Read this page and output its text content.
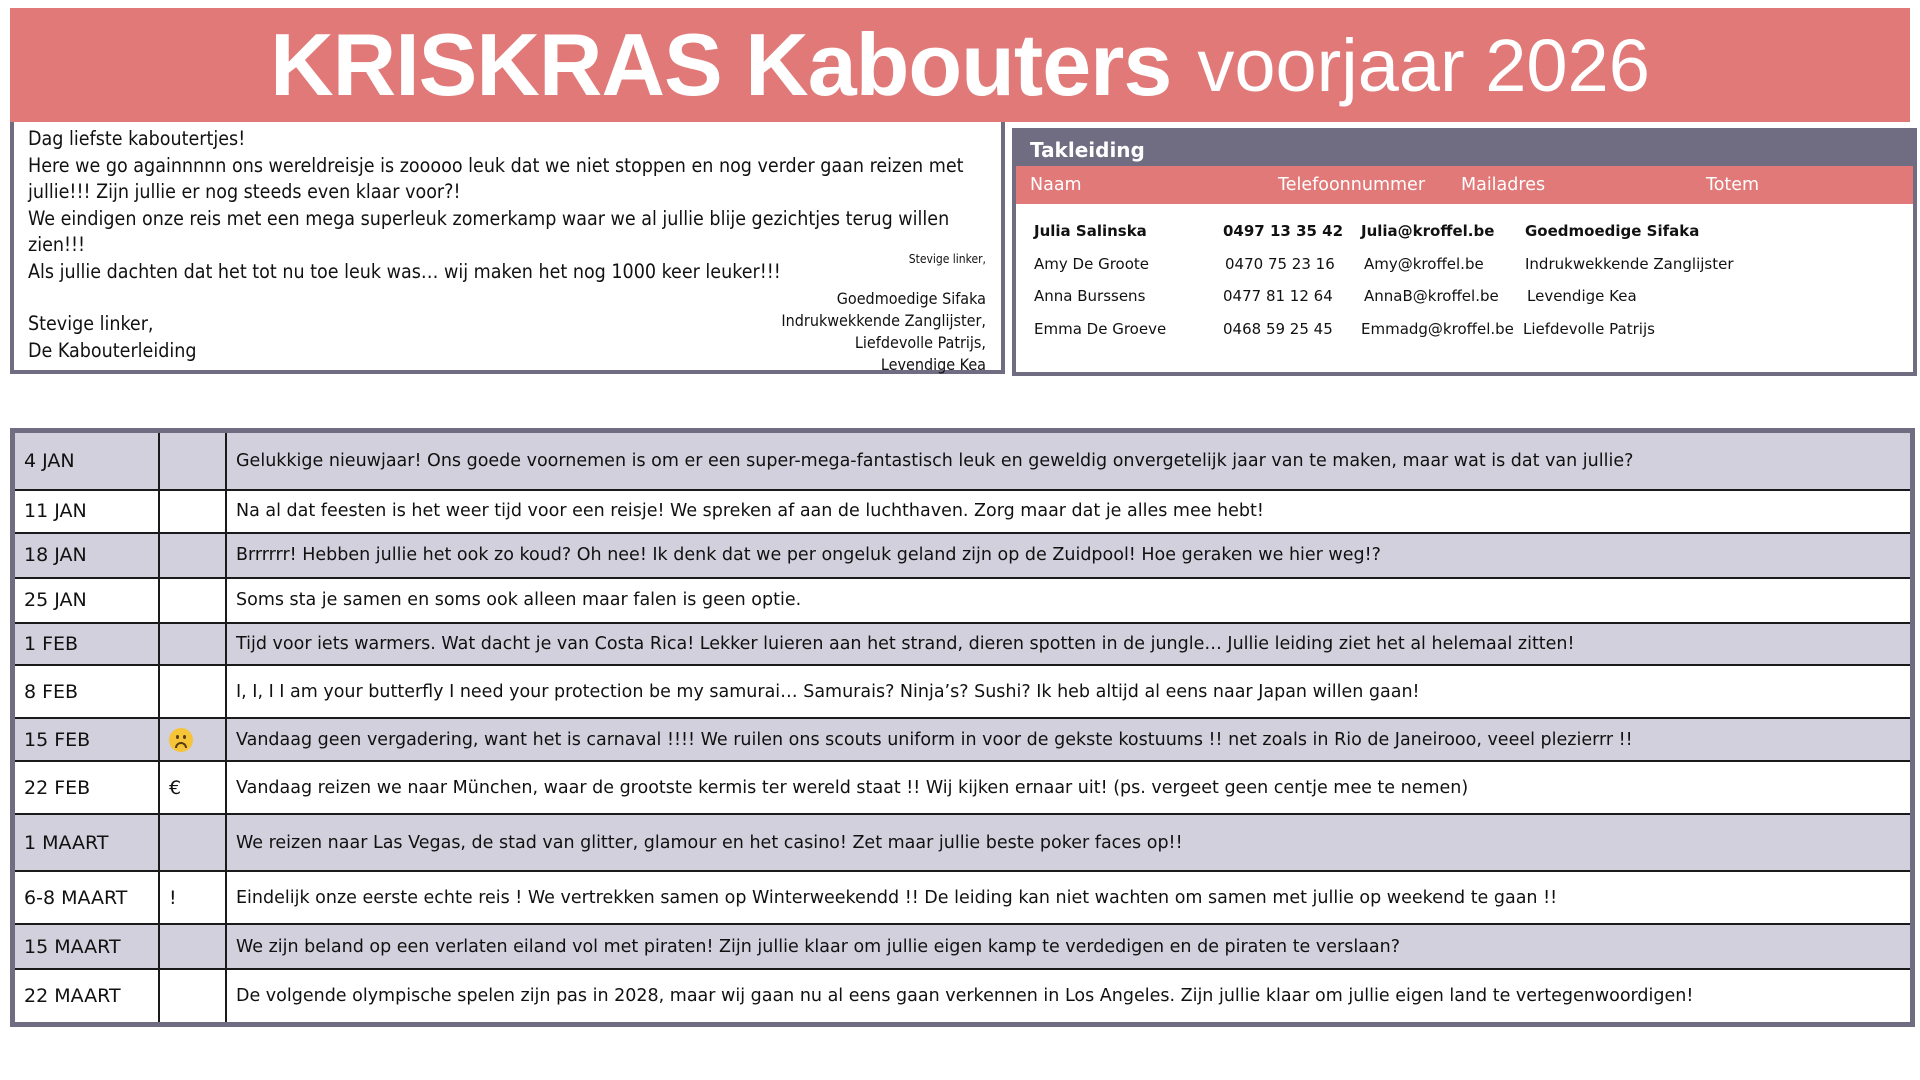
KRISKRAS Kabouters voorjaar 2026
Dag liefste kaboutertjes!
Here we go againnnnn ons wereldreisje is zooooo leuk dat we niet stoppen en nog verder gaan reizen met jullie!!! Zijn jullie er nog steeds even klaar voor?!
We eindigen onze reis met een mega superleuk zomerkamp waar we al jullie blije gezichtjes terug willen zien!!!
Als jullie dachten dat het tot nu toe leuk was… wij maken het nog 1000 keer leuker!!!
Stevige linker,
Stevige linker,
De Kabouterleiding
Goedmoedige Sifaka
Indrukwekkende Zanglijster,
Liefdevolle Patrijs,
Levendige Kea
Takleiding
Naam	Telefoonnummer Mailadres	Totem
Julia Salinska	0497 13 35 42 Julia@kroffel.be Goedmoedige Sifaka
Amy De Groote	0470 75 23 16 Amy@kroffel.be	Indrukwekkende Zanglijster
Anna Burssens	0477 81 12 64 AnnaB@kroffel.be Levendige Kea
Emma De Groeve	0468 59 25 45 Emmadg@kroffel.be Liefdevolle Patrijs
4 JAN		Gelukkige nieuwjaar! Ons goede voornemen is om er een super-mega-fantastisch leuk en geweldig onvergetelijk jaar van te maken, maar wat is dat van jullie?
11 JAN		Na al dat feesten is het weer tijd voor een reisje! We spreken af aan de luchthaven. Zorg maar dat je alles mee hebt!
18 JAN		Brrrrrr! Hebben jullie het ook zo koud? Oh nee! Ik denk dat we per ongeluk geland zijn op de Zuidpool! Hoe geraken we hier weg!?
25 JAN		Soms sta je samen en soms ook alleen maar falen is geen optie.
1 FEB		Tijd voor iets warmers. Wat dacht je van Costa Rica! Lekker luieren aan het strand, dieren spotten in de jungle… Jullie leiding ziet het al helemaal zitten!
8 FEB		I, I, I I am your butterfly I need your protection be my samurai… Samurais? Ninja’s? Sushi? Ik heb altijd al eens naar Japan willen gaan!
15 FEB		Vandaag geen vergadering, want het is carnaval !!!! We ruilen ons scouts uniform in voor de gekste kostuums !! net zoals in Rio de Janeirooo, veeel plezierrr !!
22 FEB	€	Vandaag reizen we naar München, waar de grootste kermis ter wereld staat !! Wij kijken ernaar uit! (ps. vergeet geen centje mee te nemen)
1 MAART		We reizen naar Las Vegas, de stad van glitter, glamour en het casino! Zet maar jullie beste poker faces op!!
6-8 MAART	!	Eindelijk onze eerste echte reis ! We vertrekken samen op Winterweekendd !! De leiding kan niet wachten om samen met jullie op weekend te gaan !!
15 MAART		We zijn beland op een verlaten eiland vol met piraten! Zijn jullie klaar om jullie eigen kamp te verdedigen en de piraten te verslaan?
22 MAART		De volgende olympische spelen zijn pas in 2028, maar wij gaan nu al eens gaan verkennen in Los Angeles. Zijn jullie klaar om jullie eigen land te vertegenwoordigen!
